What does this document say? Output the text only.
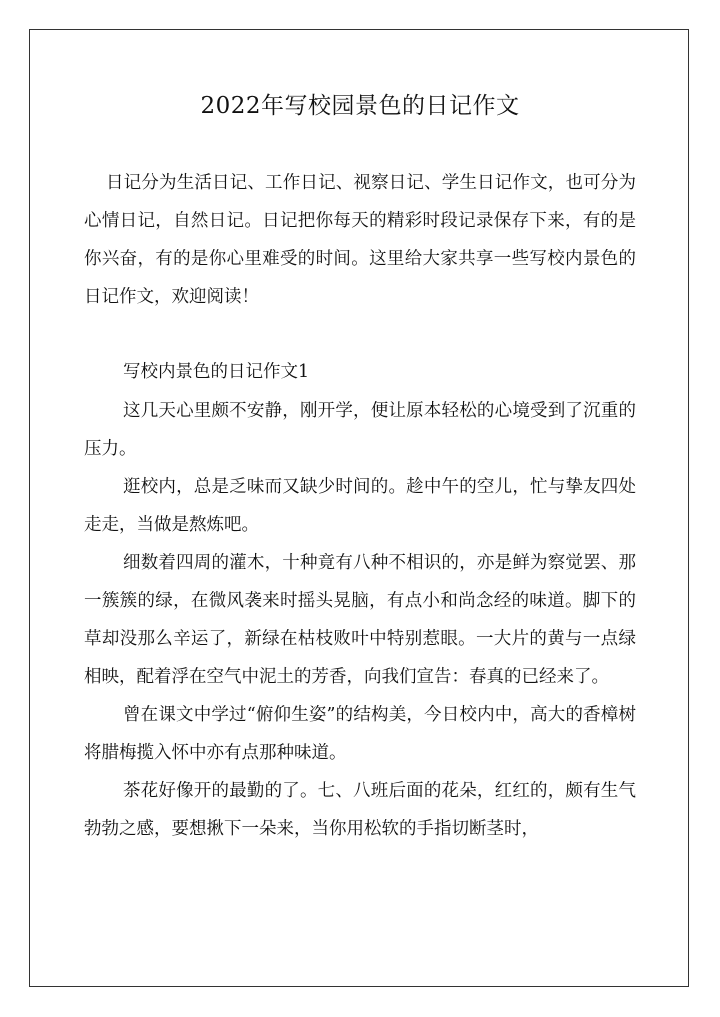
2022年写校园景色的日记作文

日记分为生活日记、工作日记、视察日记、学生日记作文，也可分为心情日记，自然日记。日记把你每天的精彩时段记录保存下来，有的是你兴奋，有的是你心里难受的时间。这里给大家共享一些写校内景色的日记作文，欢迎阅读！

写校内景色的日记作文1

这几天心里颇不安静，刚开学，便让原本轻松的心境受到了沉重的压力。

逛校内，总是乏味而又缺少时间的。趁中午的空儿，忙与挚友四处走走，当做是熬炼吧。

细数着四周的灌木，十种竟有八种不相识的，亦是鲜为察觉罢、那一簇簇的绿，在微风袭来时摇头晃脑，有点小和尚念经的味道。脚下的草却没那么辛运了，新绿在枯枝败叶中特别惹眼。一大片的黄与一点绿相映，配着浮在空气中泥土的芳香，向我们宣告：春真的已经来了。

曾在课文中学过“俯仰生姿”的结构美，今日校内中，高大的香樟树将腊梅揽入怀中亦有点那种味道。

茶花好像开的最勤的了。七、八班后面的花朵，红红的，颇有生气勃勃之感，要想揪下一朵来，当你用松软的手指切断茎时，
